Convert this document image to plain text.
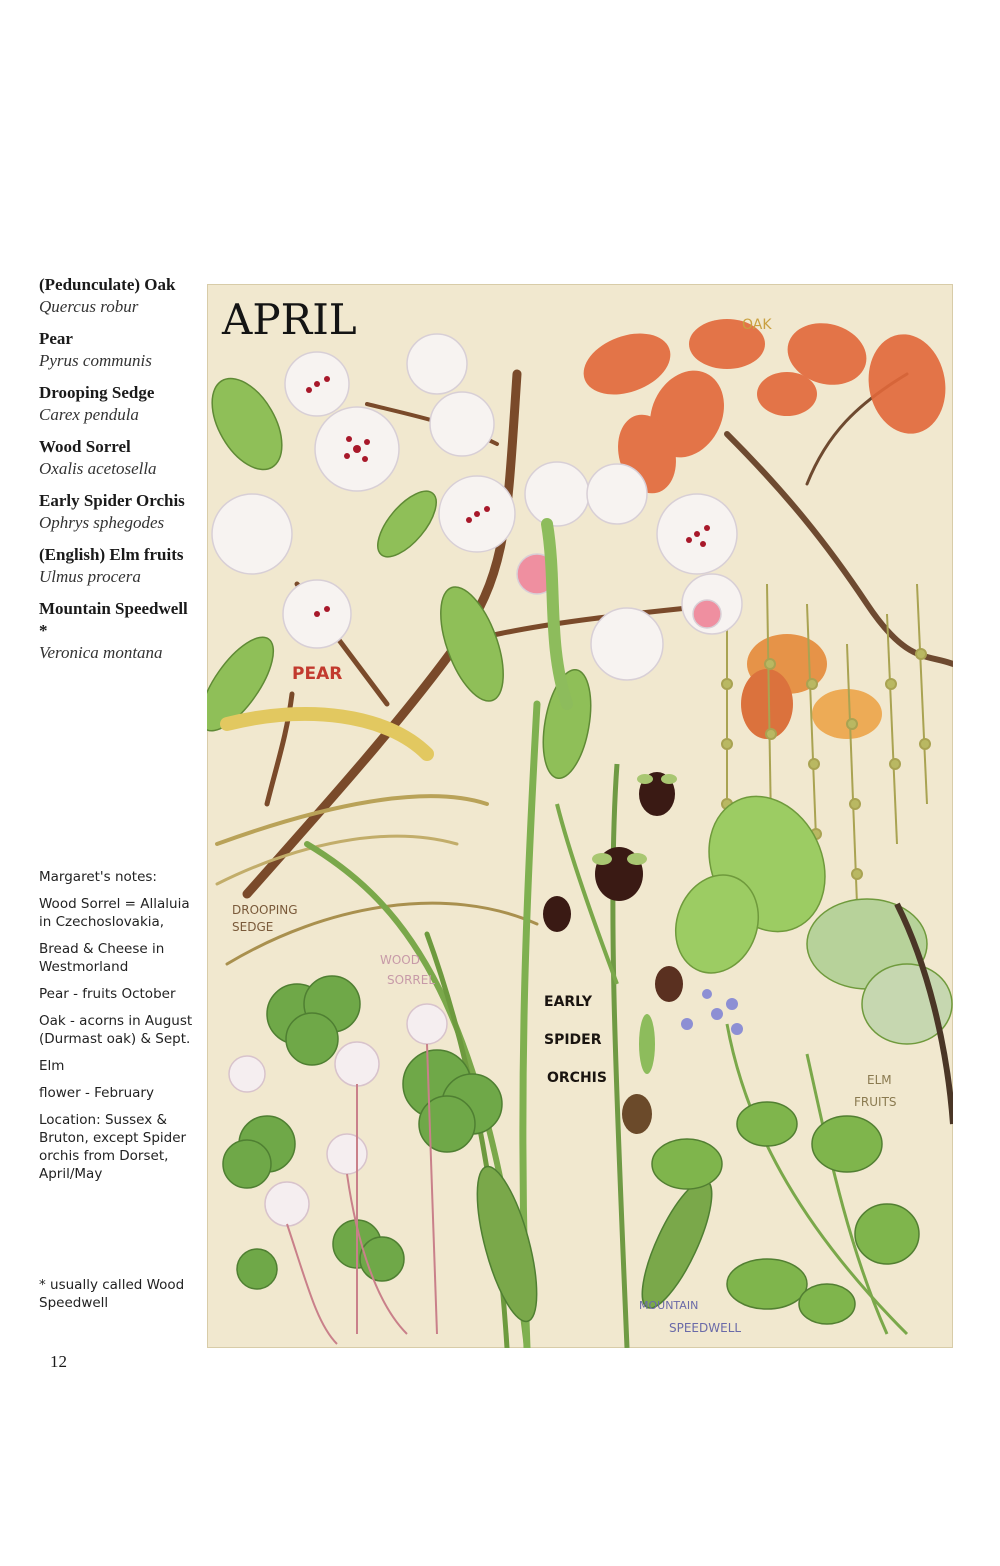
(Pedunculate) Oak
Quercus robur
Pear
Pyrus communis
Drooping Sedge
Carex pendula
Wood Sorrel
Oxalis acetosella
Early Spider Orchis
Ophrys sphegodes
(English) Elm fruits
Ulmus procera
Mountain Speedwell *
Veronica montana
Margaret's notes:
Wood Sorrel = Allaluia in Czechoslovakia,
Bread & Cheese in Westmorland
Pear - fruits October
Oak - acorns in August (Durmast oak) & Sept.
Elm
flower - February
Location: Sussex & Bruton, except Spider orchis from Dorset, April/May
* usually called Wood Speedwell
12
APRIL	OAK
PEAR
DROOPING
SEDGE
WOOD
SORREL
EARLY
SPIDER
ORCHIS	ELM
FRUITS
MOUNTAIN
SPEEDWELL
